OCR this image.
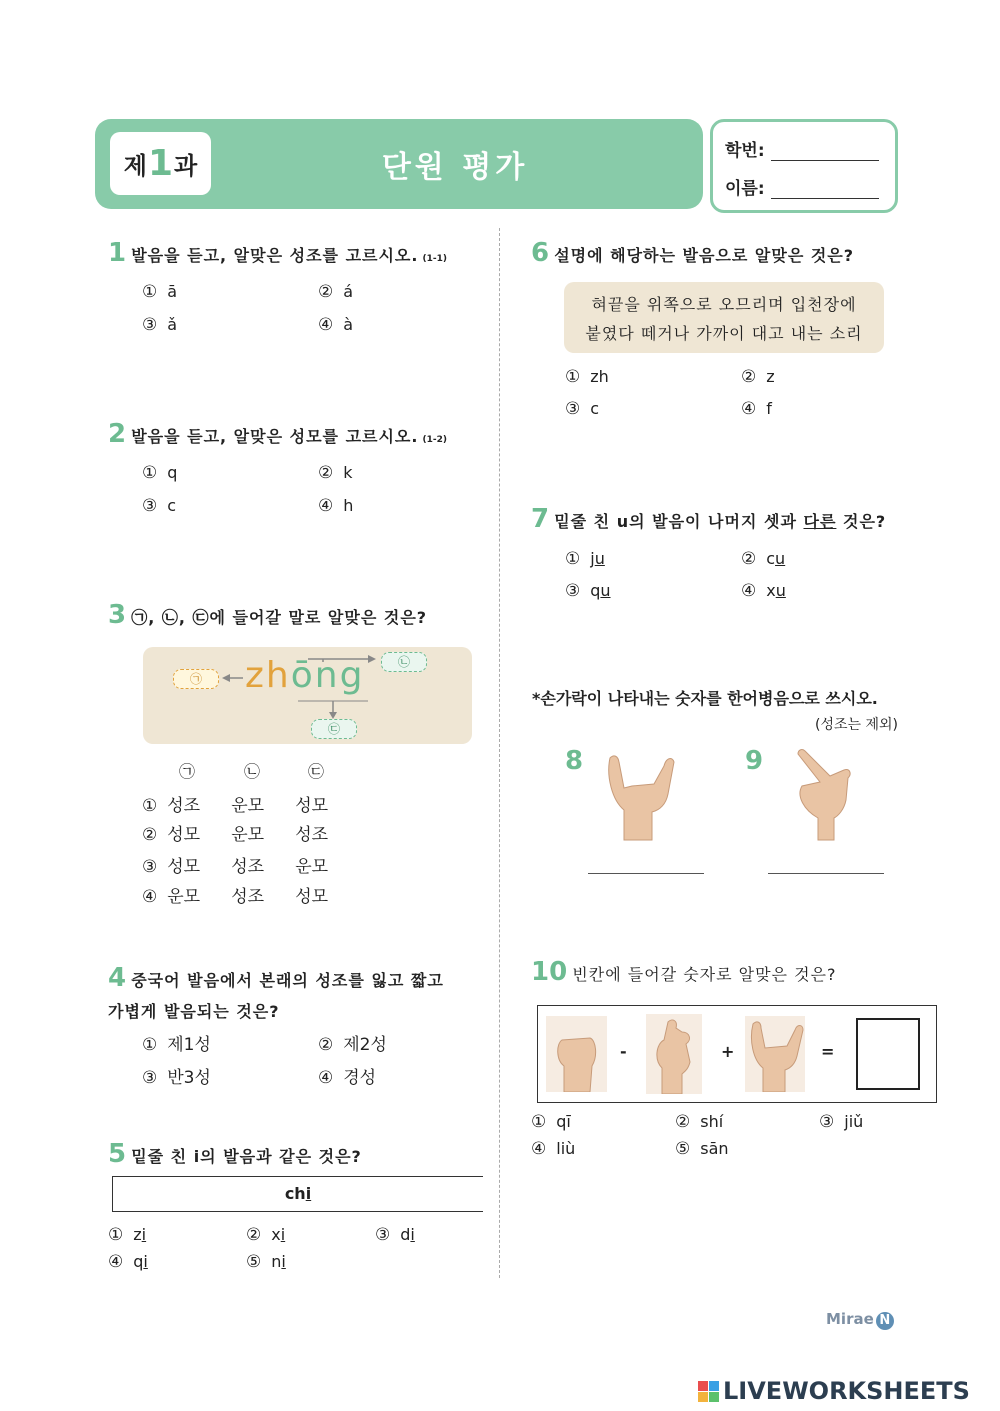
제 1 과	단원 평가	학번:
이름:
1 발음을 듣고, 알맞은 성조를 고르시오. (1-1)
① ā	② á
③ ǎ	④ à
2 발음을 듣고, 알맞은 성모를 고르시오. (1-2)
① q	② k
③ c	④ h
3 ㉠, ㉡, ㉢에 들어갈 말로 알맞은 것은?
zhōng
㉠
㉡
㉢
㉠	㉡	㉢
① 성조 운모 성모
② 성모 운모 성조
③ 성모 성조 운모
④ 운모 성조 성모
4 중국어 발음에서 본래의 성조를 잃고 짧고
가볍게 발음되는 것은?
① 제1성	② 제2성
③ 반3성	④ 경성
5 밑줄 친 i의 발음과 같은 것은?
chi
① zi	② xi	③ di
④ qi	⑤ ni
6 설명에 해당하는 발음으로 알맞은 것은?
혀끝을 위쪽으로 오므리며 입천장에
붙였다 떼거나 가까이 대고 내는 소리
① zh	② z
③ c	④ f
7 밑줄 친 u의 발음이 나머지 셋과 다른 것은?
① ju	② cu
③ qu	④ xu
*손가락이 나타내는 숫자를 한어병음으로 쓰시오.
(성조는 제외)
8	9
10 빈칸에 들어갈 숫자로 알맞은 것은?
-	+	=
① qī	② shí	③ jiǔ
④ liù	⑤ sān
Mirae N
LIVEWORKSHEETS
